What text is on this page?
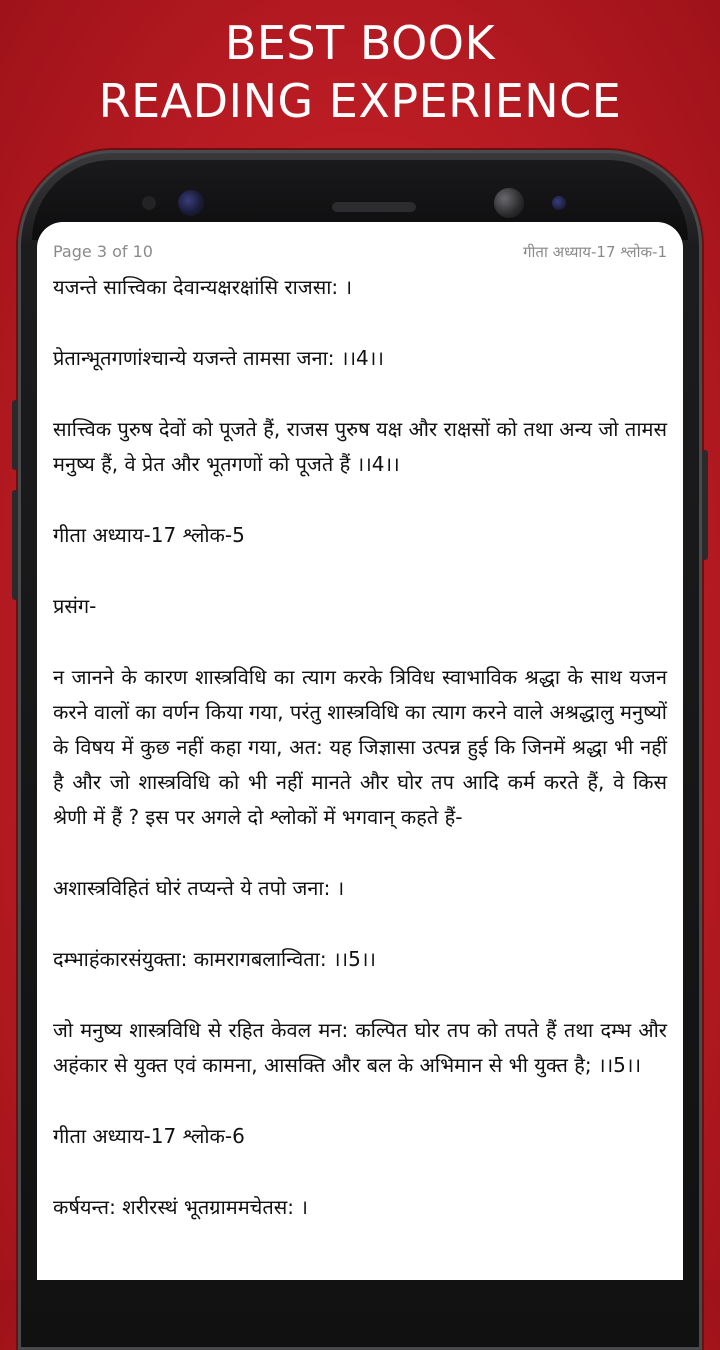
BEST BOOK
READING EXPERIENCE
Page 3 of 10	गीता अध्याय-17 श्लोक-1

यजन्ते सात्त्विका देवान्यक्षरक्षांसि राजसा: ।

प्रेतान्भूतगणांश्चान्ये यजन्ते तामसा जना: ।।4।।

सात्त्विक पुरुष देवों को पूजते हैं, राजस पुरुष यक्ष और राक्षसों को तथा अन्य जो तामस मनुष्य हैं, वे प्रेत और भूतगणों को पूजते हैं ।।4।।

गीता अध्याय-17 श्लोक-5

प्रसंग-

न जानने के कारण शास्त्रविधि का त्याग करके त्रिविध स्वाभाविक श्रद्धा के साथ यजन करने वालों का वर्णन किया गया, परंतु शास्त्रविधि का त्याग करने वाले अश्रद्धालु मनुष्यों के विषय में कुछ नहीं कहा गया, अत: यह जिज्ञासा उत्पन्न हुई कि जिनमें श्रद्धा भी नहीं है और जो शास्त्रविधि को भी नहीं मानते और घोर तप आदि कर्म करते हैं, वे किस श्रेणी में हैं ? इस पर अगले दो श्लोकों में भगवान् कहते हैं-

अशास्त्रविहितं घोरं तप्यन्ते ये तपो जना: ।

दम्भाहंकारसंयुक्ता: कामरागबलान्विता: ।।5।।

जो मनुष्य शास्त्रविधि से रहित केवल मन: कल्पित घोर तप को तपते हैं तथा दम्भ और अहंकार से युक्त एवं कामना, आसक्ति और बल के अभिमान से भी युक्त है; ।।5।।

गीता अध्याय-17 श्लोक-6

कर्षयन्त: शरीरस्थं भूतग्राममचेतस: ।
